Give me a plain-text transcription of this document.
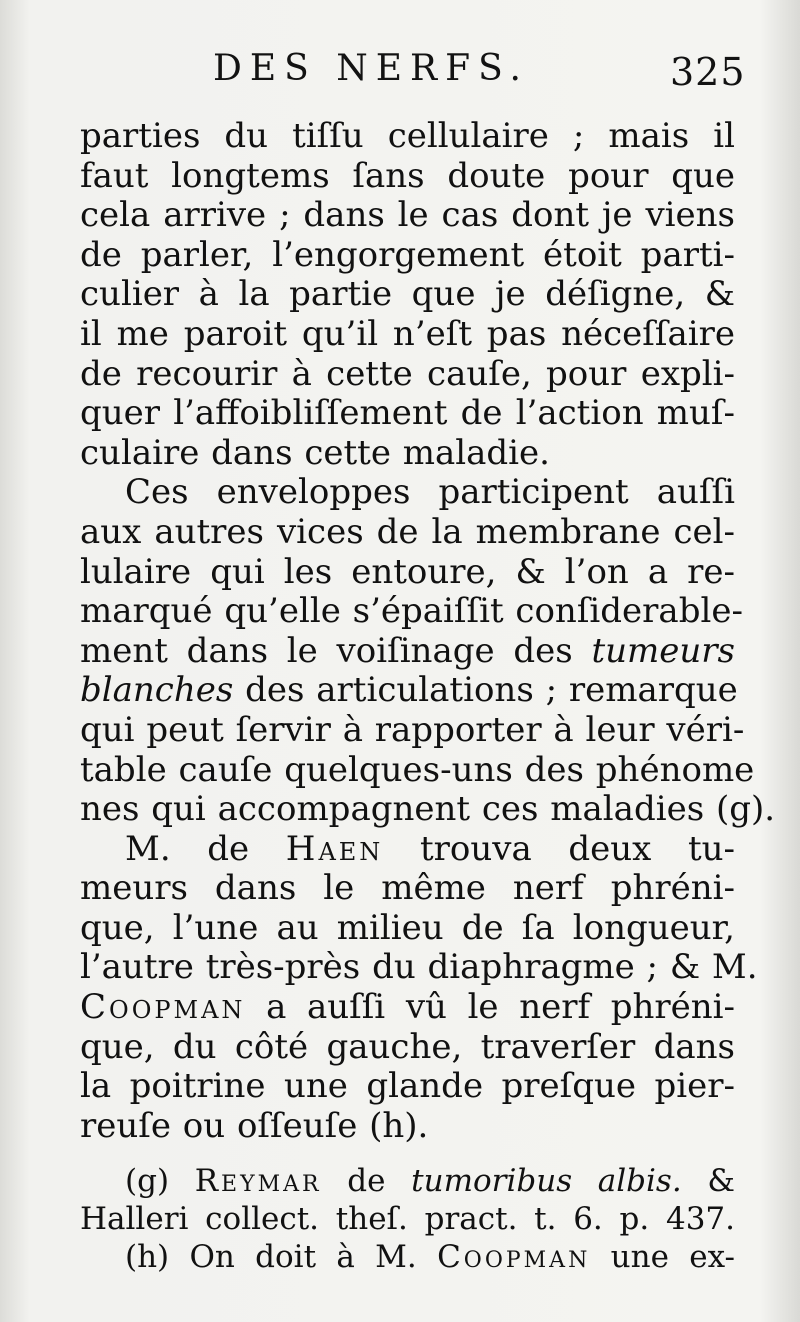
DES NERFS.	325
parties du tiſſu cellulaire ; mais il
faut longtems ſans doute pour que
cela arrive ; dans le cas dont je viens
de parler, l’engorgement étoit parti-
culier à la partie que je déſigne, &
il me paroit qu’il n’eſt pas néceſſaire
de recourir à cette cauſe, pour expli-
quer l’affoibliſſement de l’action muſ-
culaire dans cette maladie.
Ces enveloppes participent auſſi
aux autres vices de la membrane cel-
lulaire qui les entoure, & l’on a re-
marqué qu’elle s’épaiſſit conſiderable-
ment dans le voiſinage des tumeurs
blanches des articulations ; remarque
qui peut ſervir à rapporter à leur véri-
table cauſe quelques-uns des phénome
nes qui accompagnent ces maladies (g).
M. de Haen trouva deux tu-
meurs dans le même nerf phréni-
que, l’une au milieu de ſa longueur,
l’autre très-près du diaphragme ; & M.
Coopman a auſſi vû le nerf phréni-
que, du côté gauche, traverſer dans
la poitrine une glande preſque pier-
reuſe ou oſſeuſe (h).
(g) Reymar de tumoribus albis. &
Halleri collect. theſ. pract. t. 6. p. 437.
(h) On doit à M. Coopman une ex-
